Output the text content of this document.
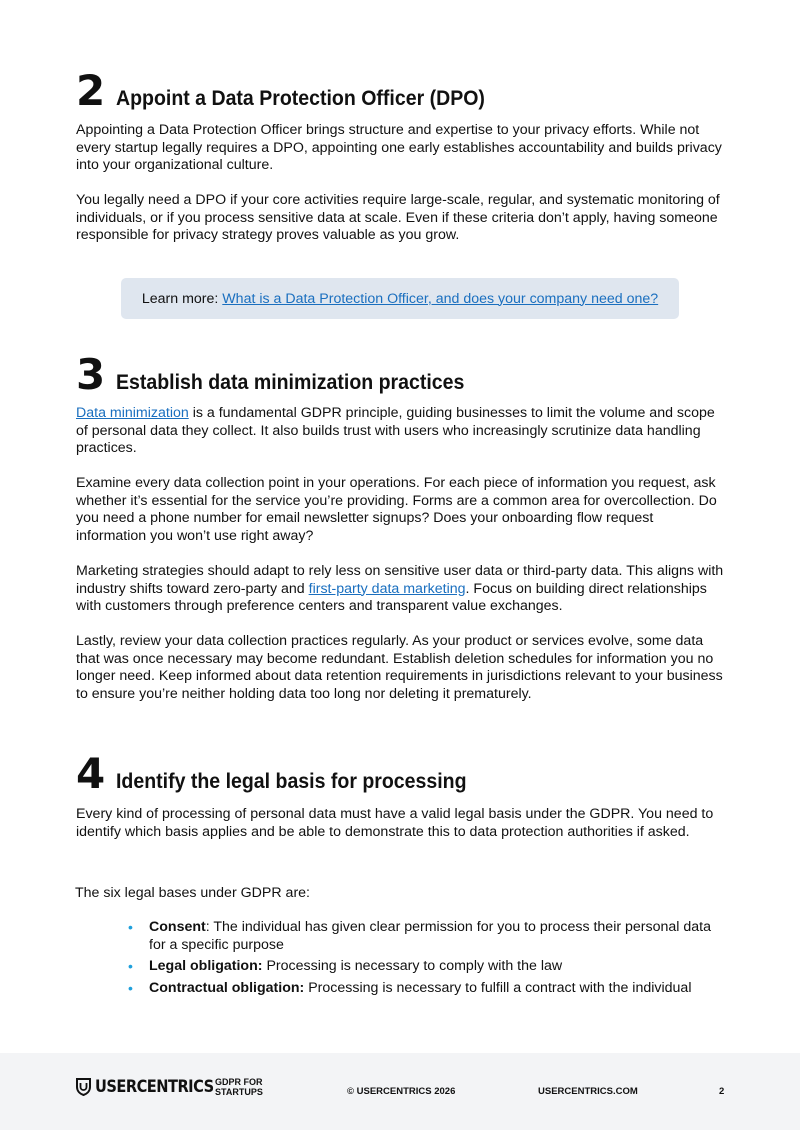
2 Appoint a Data Protection Officer (DPO)

Appointing a Data Protection Officer brings structure and expertise to your privacy efforts. While not every startup legally requires a DPO, appointing one early establishes accountability and builds privacy into your organizational culture.

You legally need a DPO if your core activities require large-scale, regular, and systematic monitoring of individuals, or if you process sensitive data at scale. Even if these criteria don’t apply, having someone responsible for privacy strategy proves valuable as you grow.

Learn more: What is a Data Protection Officer, and does your company need one?
3 Establish data minimization practices

Data minimization is a fundamental GDPR principle, guiding businesses to limit the volume and scope of personal data they collect. It also builds trust with users who increasingly scrutinize data handling practices.

Examine every data collection point in your operations. For each piece of information you request, ask whether it’s essential for the service you’re providing. Forms are a common area for overcollection. Do you need a phone number for email newsletter signups? Does your onboarding flow request information you won’t use right away?

Marketing strategies should adapt to rely less on sensitive user data or third-party data. This aligns with industry shifts toward zero-party and first-party data marketing. Focus on building direct relationships with customers through preference centers and transparent value exchanges.

Lastly, review your data collection practices regularly. As your product or services evolve, some data that was once necessary may become redundant. Establish deletion schedules for information you no longer need. Keep informed about data retention requirements in jurisdictions relevant to your business to ensure you’re neither holding data too long nor deleting it prematurely.

4 Identify the legal basis for processing

Every kind of processing of personal data must have a valid legal basis under the GDPR. You need to identify which basis applies and be able to demonstrate this to data protection authorities if asked.

The six legal bases under GDPR are:

• Consent: The individual has given clear permission for you to process their personal data for a specific purpose
• Legal obligation: Processing is necessary to comply with the law
• Contractual obligation: Processing is necessary to fulfill a contract with the individual
USERCENTRICS GDPR FOR STARTUPS	© USERCENTRICS 2026	USERCENTRICS.COM	2
